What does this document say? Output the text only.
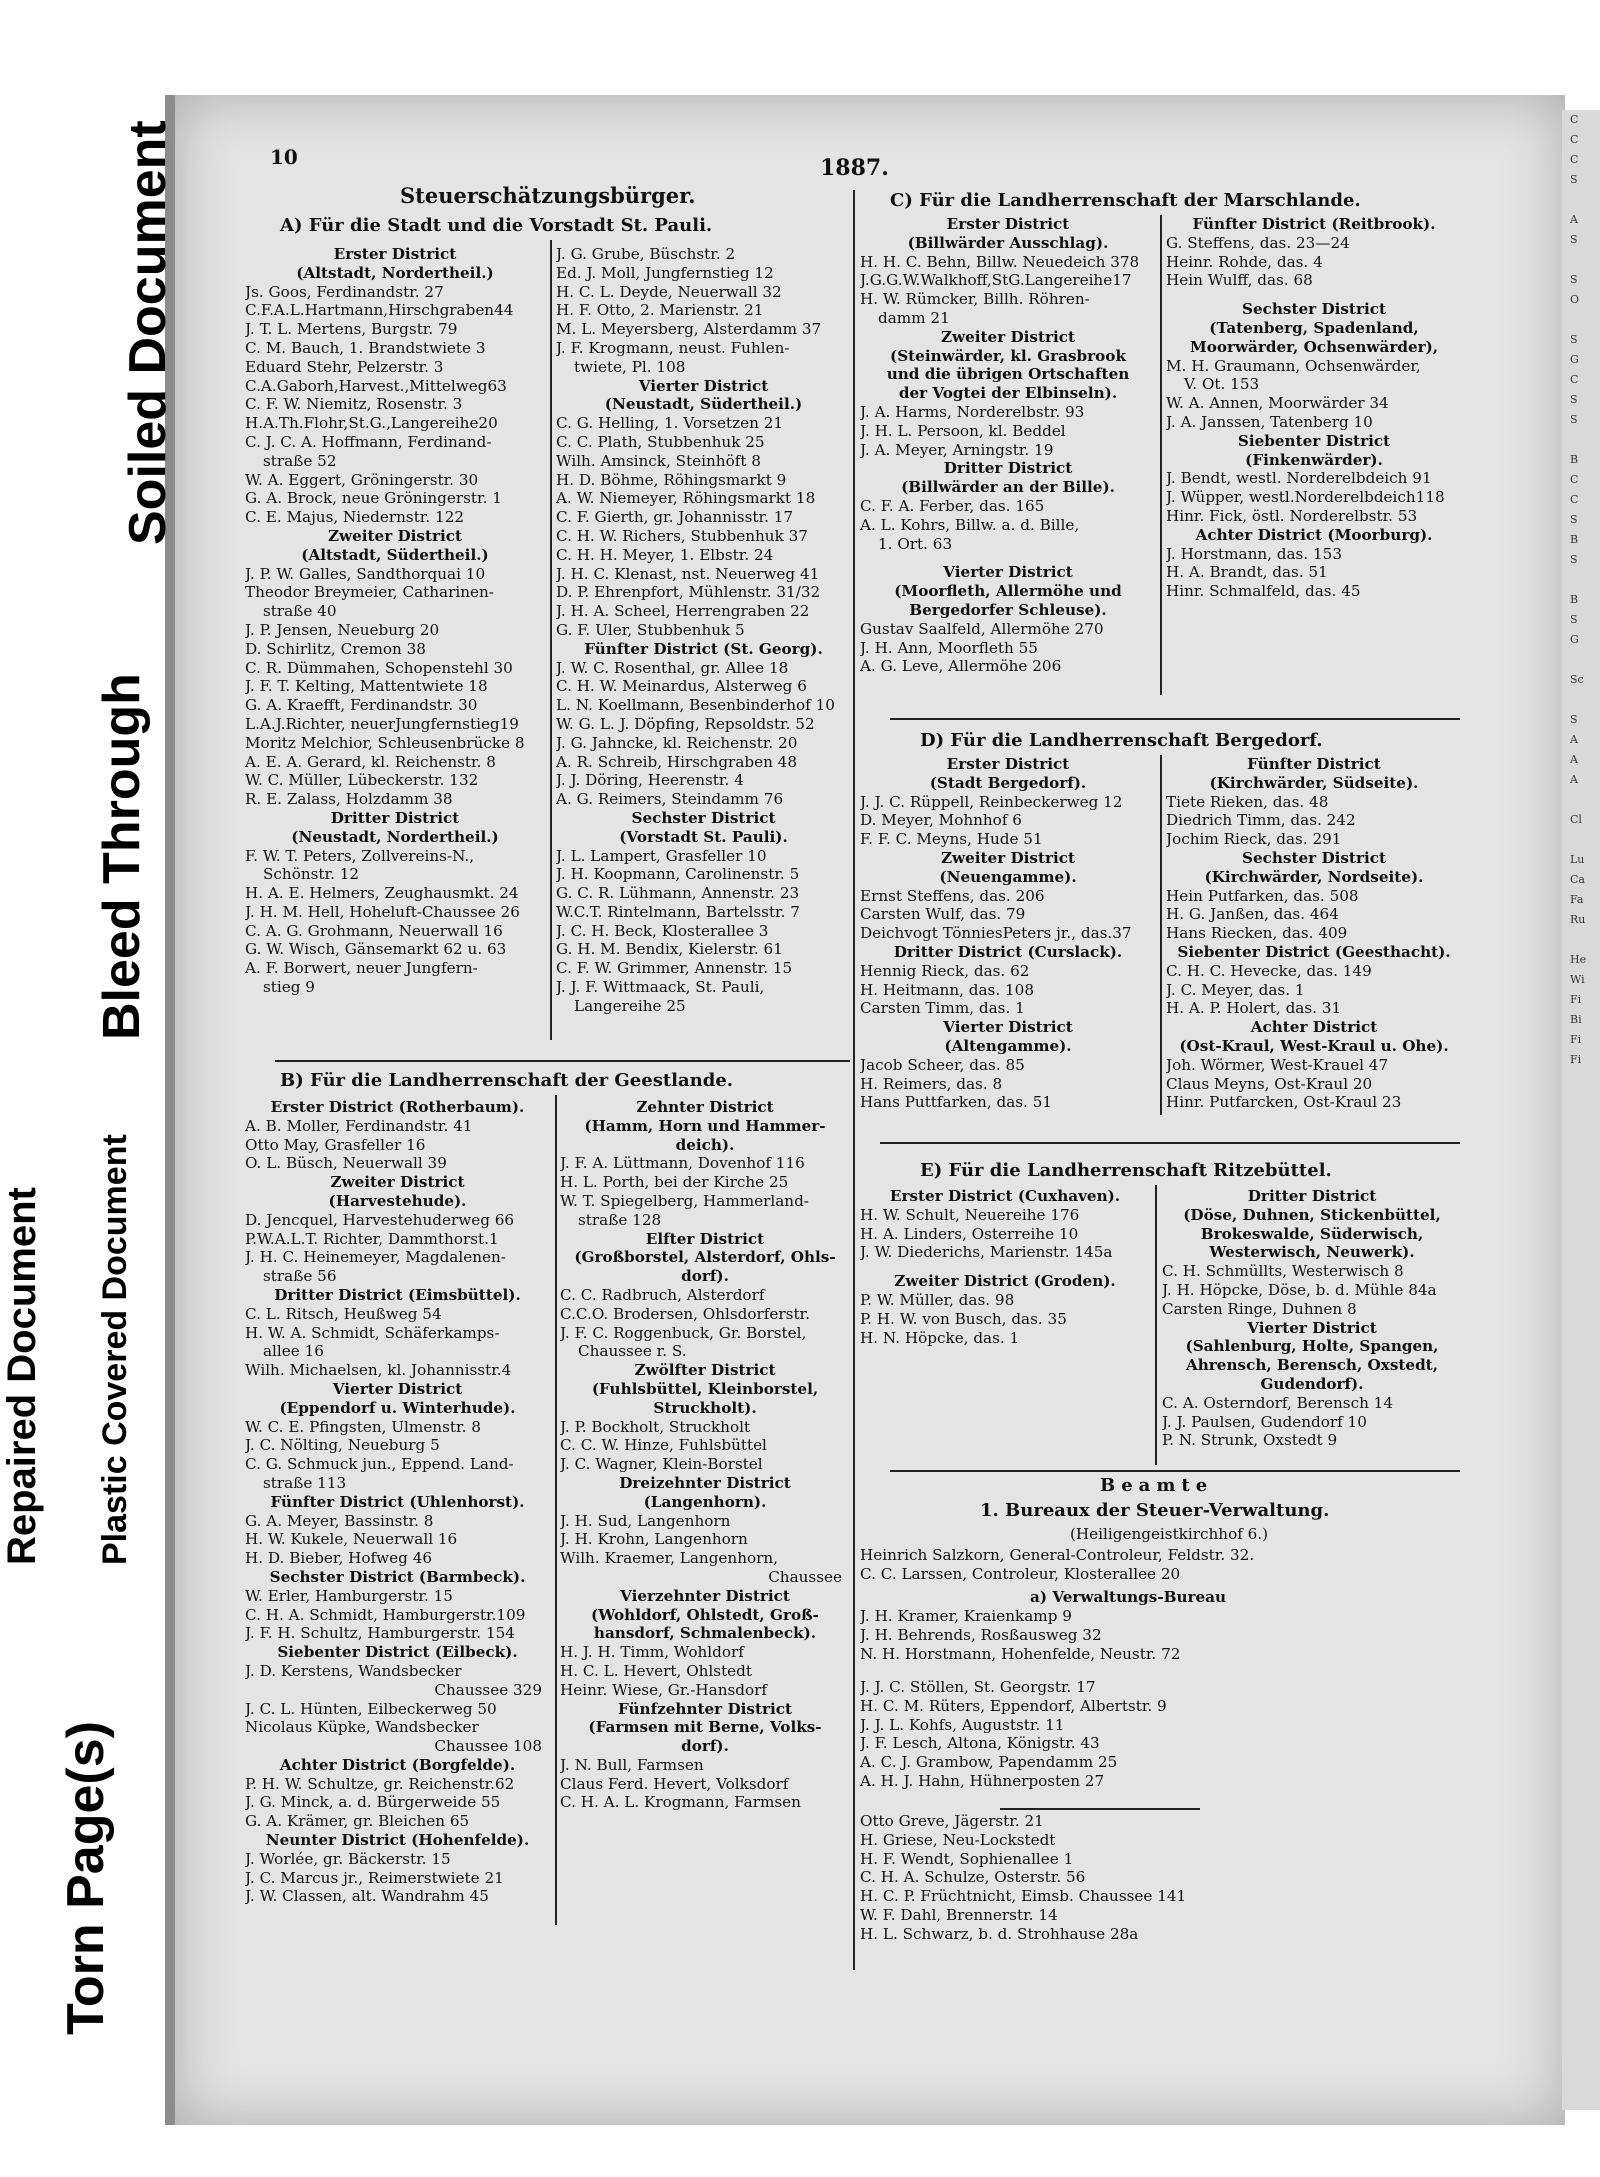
C
C
C
S

A
S

S
O

S
G
C
S
S

B
C
C
S
B
S

B
S
G

Sc

S
A
A
A

Cl

Lu
Ca
Fa
Ru

He
Wi
Fi
Bi
Fi
Fi
Soiled Document
Bleed Through
Repaired Document Plastic Covered Document
Torn Page(s)
10	1887.
Steuerschätzungsbürger.
A) Für die Stadt und die Vorstadt St. Pauli.
C) Für die Landherrenschaft der Marschlande.
B) Für die Landherrenschaft der Geestlande.
D) Für die Landherrenschaft Bergedorf.
E) Für die Landherrenschaft Ritzebüttel.

Erster District

(Altstadt, Nordertheil.)

Js. Goos, Ferdinandstr. 27

C.F.A.L.Hartmann,Hirschgraben44

J. T. L. Mertens, Burgstr. 79

C. M. Bauch, 1. Brandstwiete 3

Eduard Stehr, Pelzerstr. 3

C.A.Gaborh,Harvest.,Mittelweg63

C. F. W. Niemitz, Rosenstr. 3

H.A.Th.Flohr,St.G.,Langereihe20

C. J. C. A. Hoffmann, Ferdinand-

straße 52

W. A. Eggert, Gröningerstr. 30

G. A. Brock, neue Gröningerstr. 1

C. E. Majus, Niedernstr. 122

Zweiter District

(Altstadt, Südertheil.)

J. P. W. Galles, Sandthorquai 10

Theodor Breymeier, Catharinen-

straße 40

J. P. Jensen, Neueburg 20

D. Schirlitz, Cremon 38

C. R. Dümmahen, Schopenstehl 30

J. F. T. Kelting, Mattentwiete 18

G. A. Kraefft, Ferdinandstr. 30

L.A.J.Richter, neuerJungfernstieg19

Moritz Melchior, Schleusenbrücke 8

A. E. A. Gerard, kl. Reichenstr. 8

W. C. Müller, Lübeckerstr. 132

R. E. Zalass, Holzdamm 38

Dritter District

(Neustadt, Nordertheil.)

F. W. T. Peters, Zollvereins-N.,

Schönstr. 12

H. A. E. Helmers, Zeughausmkt. 24

J. H. M. Hell, Hoheluft-Chaussee 26

C. A. G. Grohmann, Neuerwall 16

G. W. Wisch, Gänsemarkt 62 u. 63

A. F. Borwert, neuer Jungfern-

stieg 9

J. G. Grube, Büschstr. 2

Ed. J. Moll, Jungfernstieg 12

H. C. L. Deyde, Neuerwall 32

H. F. Otto, 2. Marienstr. 21

M. L. Meyersberg, Alsterdamm 37

J. F. Krogmann, neust. Fuhlen-

twiete, Pl. 108

Vierter District

(Neustadt, Südertheil.)

C. G. Helling, 1. Vorsetzen 21

C. C. Plath, Stubbenhuk 25

Wilh. Amsinck, Steinhöft 8

H. D. Böhme, Röhingsmarkt 9

A. W. Niemeyer, Röhingsmarkt 18

C. F. Gierth, gr. Johannisstr. 17

C. H. W. Richers, Stubbenhuk 37

C. H. H. Meyer, 1. Elbstr. 24

J. H. C. Klenast, nst. Neuerweg 41

D. P. Ehrenpfort, Mühlenstr. 31/32

J. H. A. Scheel, Herrengraben 22

G. F. Uler, Stubbenhuk 5

Fünfter District (St. Georg).

J. W. C. Rosenthal, gr. Allee 18

C. H. W. Meinardus, Alsterweg 6

L. N. Koellmann, Besenbinderhof 10

W. G. L. J. Döpfing, Repsoldstr. 52

J. G. Jahncke, kl. Reichenstr. 20

A. R. Schreib, Hirschgraben 48

J. J. Döring, Heerenstr. 4

A. G. Reimers, Steindamm 76

Sechster District

(Vorstadt St. Pauli).

J. L. Lampert, Grasfeller 10

J. H. Koopmann, Carolinenstr. 5

G. C. R. Lühmann, Annenstr. 23

W.C.T. Rintelmann, Bartelsstr. 7

J. C. H. Beck, Klosterallee 3

G. H. M. Bendix, Kielerstr. 61

C. F. W. Grimmer, Annenstr. 15

J. J. F. Wittmaack, St. Pauli,

Langereihe 25

Erster District (Rotherbaum).

A. B. Moller, Ferdinandstr. 41

Otto May, Grasfeller 16

O. L. Büsch, Neuerwall 39

Zweiter District

(Harvestehude).

D. Jencquel, Harvestehuderweg 66

P.W.A.L.T. Richter, Dammthorst.1

J. H. C. Heinemeyer, Magdalenen-

straße 56

Dritter District (Eimsbüttel).

C. L. Ritsch, Heußweg 54

H. W. A. Schmidt, Schäferkamps-

allee 16

Wilh. Michaelsen, kl. Johannisstr.4

Vierter District

(Eppendorf u. Winterhude).

W. C. E. Pfingsten, Ulmenstr. 8

J. C. Nölting, Neueburg 5

C. G. Schmuck jun., Eppend. Land-

straße 113

Fünfter District (Uhlenhorst).

G. A. Meyer, Bassinstr. 8

H. W. Kukele, Neuerwall 16

H. D. Bieber, Hofweg 46

Sechster District (Barmbeck).

W. Erler, Hamburgerstr. 15

C. H. A. Schmidt, Hamburgerstr.109

J. F. H. Schultz, Hamburgerstr. 154

Siebenter District (Eilbeck).

J. D. Kerstens, Wandsbecker

Chaussee 329

J. C. L. Hünten, Eilbeckerweg 50

Nicolaus Küpke, Wandsbecker

Chaussee 108

Achter District (Borgfelde).

P. H. W. Schultze, gr. Reichenstr.62

J. G. Minck, a. d. Bürgerweide 55

G. A. Krämer, gr. Bleichen 65

Neunter District (Hohenfelde).

J. Worlée, gr. Bäckerstr. 15

J. C. Marcus jr., Reimerstwiete 21

J. W. Classen, alt. Wandrahm 45

Zehnter District

(Hamm, Horn und Hammer-

deich).

J. F. A. Lüttmann, Dovenhof 116

H. L. Porth, bei der Kirche 25

W. T. Spiegelberg, Hammerland-

straße 128

Elfter District

(Großborstel, Alsterdorf, Ohls-

dorf).

C. C. Radbruch, Alsterdorf

C.C.O. Brodersen, Ohlsdorferstr.

J. F. C. Roggenbuck, Gr. Borstel,

Chaussee r. S.

Zwölfter District

(Fuhlsbüttel, Kleinborstel,

Struckholt).

J. P. Bockholt, Struckholt

C. C. W. Hinze, Fuhlsbüttel

J. C. Wagner, Klein-Borstel

Dreizehnter District

(Langenhorn).

J. H. Sud, Langenhorn

J. H. Krohn, Langenhorn

Wilh. Kraemer, Langenhorn,

Chaussee

Vierzehnter District

(Wohldorf, Ohlstedt, Groß-

hansdorf, Schmalenbeck).

H. J. H. Timm, Wohldorf

H. C. L. Hevert, Ohlstedt

Heinr. Wiese, Gr.-Hansdorf

Fünfzehnter District

(Farmsen mit Berne, Volks-

dorf).

J. N. Bull, Farmsen

Claus Ferd. Hevert, Volksdorf

C. H. A. L. Krogmann, Farmsen

Erster District

(Billwärder Ausschlag).

H. H. C. Behn, Billw. Neuedeich 378

J.G.G.W.Walkhoff,StG.Langereihe17

H. W. Rümcker, Billh. Röhren-

damm 21

Zweiter District

(Steinwärder, kl. Grasbrook

und die übrigen Ortschaften

der Vogtei der Elbinseln).

J. A. Harms, Norderelbstr. 93

J. H. L. Persoon, kl. Beddel

J. A. Meyer, Arningstr. 19

Dritter District

(Billwärder an der Bille).

C. F. A. Ferber, das. 165

A. L. Kohrs, Billw. a. d. Bille,

1. Ort. 63

Vierter District

(Moorfleth, Allermöhe und

Bergedorfer Schleuse).

Gustav Saalfeld, Allermöhe 270

J. H. Ann, Moorfleth 55

A. G. Leve, Allermöhe 206

Fünfter District (Reitbrook).

G. Steffens, das. 23—24

Heinr. Rohde, das. 4

Hein Wulff, das. 68

Sechster District

(Tatenberg, Spadenland,

Moorwärder, Ochsenwärder),

M. H. Graumann, Ochsenwärder,

V. Ot. 153

W. A. Annen, Moorwärder 34

J. A. Janssen, Tatenberg 10

Siebenter District

(Finkenwärder).

J. Bendt, westl. Norderelbdeich 91

J. Wüpper, westl.Norderelbdeich118

Hinr. Fick, östl. Norderelbstr. 53

Achter District (Moorburg).

J. Horstmann, das. 153

H. A. Brandt, das. 51

Hinr. Schmalfeld, das. 45

Erster District

(Stadt Bergedorf).

J. J. C. Rüppell, Reinbeckerweg 12

D. Meyer, Mohnhof 6

F. F. C. Meyns, Hude 51

Zweiter District

(Neuengamme).

Ernst Steffens, das. 206

Carsten Wulf, das. 79

Deichvogt TönniesPeters jr., das.37

Dritter District (Curslack).

Hennig Rieck, das. 62

H. Heitmann, das. 108

Carsten Timm, das. 1

Vierter District

(Altengamme).

Jacob Scheer, das. 85

H. Reimers, das. 8

Hans Puttfarken, das. 51

Fünfter District

(Kirchwärder, Südseite).

Tiete Rieken, das. 48

Diedrich Timm, das. 242

Jochim Rieck, das. 291

Sechster District

(Kirchwärder, Nordseite).

Hein Putfarken, das. 508

H. G. Janßen, das. 464

Hans Riecken, das. 409

Siebenter District (Geesthacht).

C. H. C. Hevecke, das. 149

J. C. Meyer, das. 1

H. A. P. Holert, das. 31

Achter District

(Ost-Kraul, West-Kraul u. Ohe).

Joh. Wörmer, West-Krauel 47

Claus Meyns, Ost-Kraul 20

Hinr. Putfarcken, Ost-Kraul 23

Erster District (Cuxhaven).

H. W. Schult, Neuereihe 176

H. A. Linders, Osterreihe 10

J. W. Diederichs, Marienstr. 145a

Zweiter District (Groden).

P. W. Müller, das. 98

P. H. W. von Busch, das. 35

H. N. Höpcke, das. 1

Dritter District

(Döse, Duhnen, Stickenbüttel,

Brokeswalde, Süderwisch,

Westerwisch, Neuwerk).

C. H. Schmüllts, Westerwisch 8

J. H. Höpcke, Döse, b. d. Mühle 84a

Carsten Ringe, Duhnen 8

Vierter District

(Sahlenburg, Holte, Spangen,

Ahrensch, Berensch, Oxstedt,

Gudendorf).

C. A. Osterndorf, Berensch 14

J. J. Paulsen, Gudendorf 10

P. N. Strunk, Oxstedt 9

Beamte
1. Bureaux der Steuer-Verwaltung.
(Heiligengeistkirchhof 6.)

Heinrich Salzkorn, General-Controleur, Feldstr. 32.

C. C. Larssen, Controleur, Klosterallee 20

a) Verwaltungs-Bureau

J. H. Kramer, Kraienkamp 9

J. H. Behrends, Rosßausweg 32

N. H. Horstmann, Hohenfelde, Neustr. 72

J. J. C. Stöllen, St. Georgstr. 17

H. C. M. Rüters, Eppendorf, Albertstr. 9

J. J. L. Kohfs, Auguststr. 11

J. F. Lesch, Altona, Königstr. 43

A. C. J. Grambow, Papendamm 25

A. H. J. Hahn, Hühnerposten 27

Otto Greve, Jägerstr. 21

H. Griese, Neu-Lockstedt

H. F. Wendt, Sophienallee 1

C. H. A. Schulze, Osterstr. 56

H. C. P. Früchtnicht, Eimsb. Chaussee 141

W. F. Dahl, Brennerstr. 14

H. L. Schwarz, b. d. Strohhause 28a
